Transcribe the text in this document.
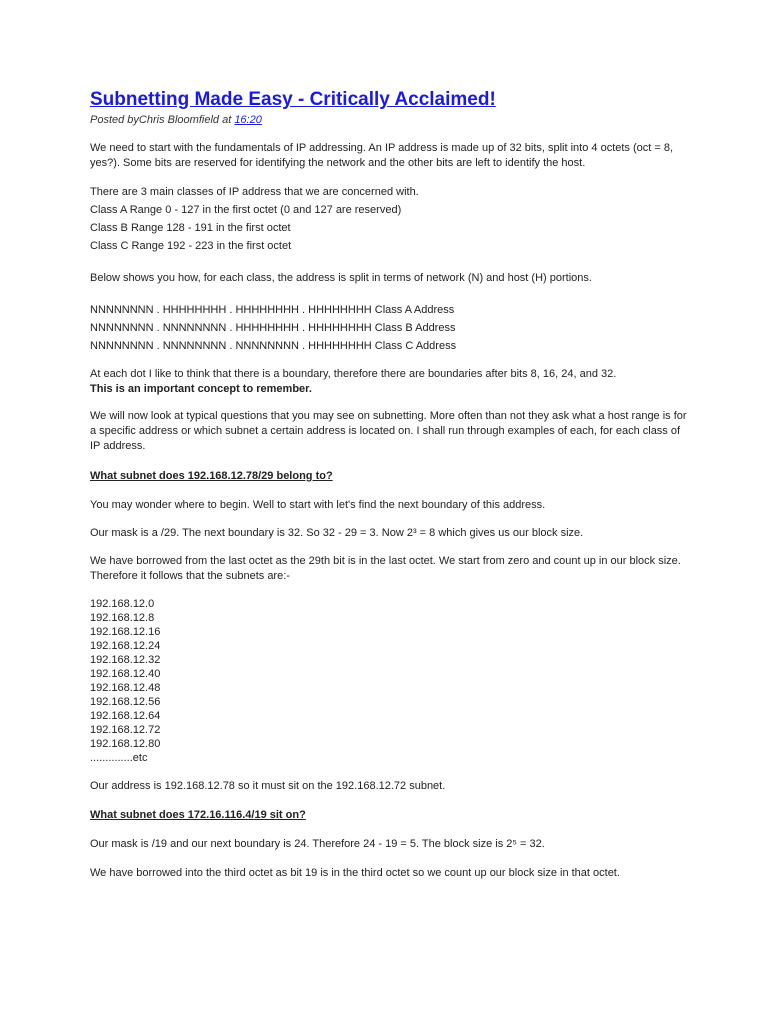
Subnetting Made Easy - Critically Acclaimed!
Posted byChris Bloomfield at 16:20

We need to start with the fundamentals of IP addressing. An IP address is made up of 32 bits, split into 4 octets (oct = 8, yes?). Some bits are reserved for identifying the network and the other bits are left to identify the host.

There are 3 main classes of IP address that we are concerned with.
Class A Range 0 - 127 in the first octet (0 and 127 are reserved)
Class B Range 128 - 191 in the first octet
Class C Range 192 - 223 in the first octet
Below shows you how, for each class, the address is split in terms of network (N) and host (H) portions.
NNNNNNNN . HHHHHHHH . HHHHHHHH . HHHHHHHH Class A Address
NNNNNNNN . NNNNNNNN . HHHHHHHH . HHHHHHHH Class B Address
NNNNNNNN . NNNNNNNN . NNNNNNNN . HHHHHHHH Class C Address
At each dot I like to think that there is a boundary, therefore there are boundaries after bits 8, 16, 24, and 32.
This is an important concept to remember.

We will now look at typical questions that you may see on subnetting. More often than not they ask what a host range is for a specific address or which subnet a certain address is located on. I shall run through examples of each, for each class of IP address.

What subnet does 192.168.12.78/29 belong to?
You may wonder where to begin. Well to start with let's find the next boundary of this address.
Our mask is a /29. The next boundary is 32. So 32 - 29 = 3. Now 2³ = 8 which gives us our block size.

We have borrowed from the last octet as the 29th bit is in the last octet. We start from zero and count up in our block size. Therefore it follows that the subnets are:-

192.168.12.0
192.168.12.8
192.168.12.16
192.168.12.24
192.168.12.32
192.168.12.40
192.168.12.48
192.168.12.56
192.168.12.64
192.168.12.72
192.168.12.80
..............etc
Our address is 192.168.12.78 so it must sit on the 192.168.12.72 subnet.
What subnet does 172.16.116.4/19 sit on?
Our mask is /19 and our next boundary is 24. Therefore 24 - 19 = 5. The block size is 2⁵ = 32.
We have borrowed into the third octet as bit 19 is in the third octet so we count up our block size in that octet.
